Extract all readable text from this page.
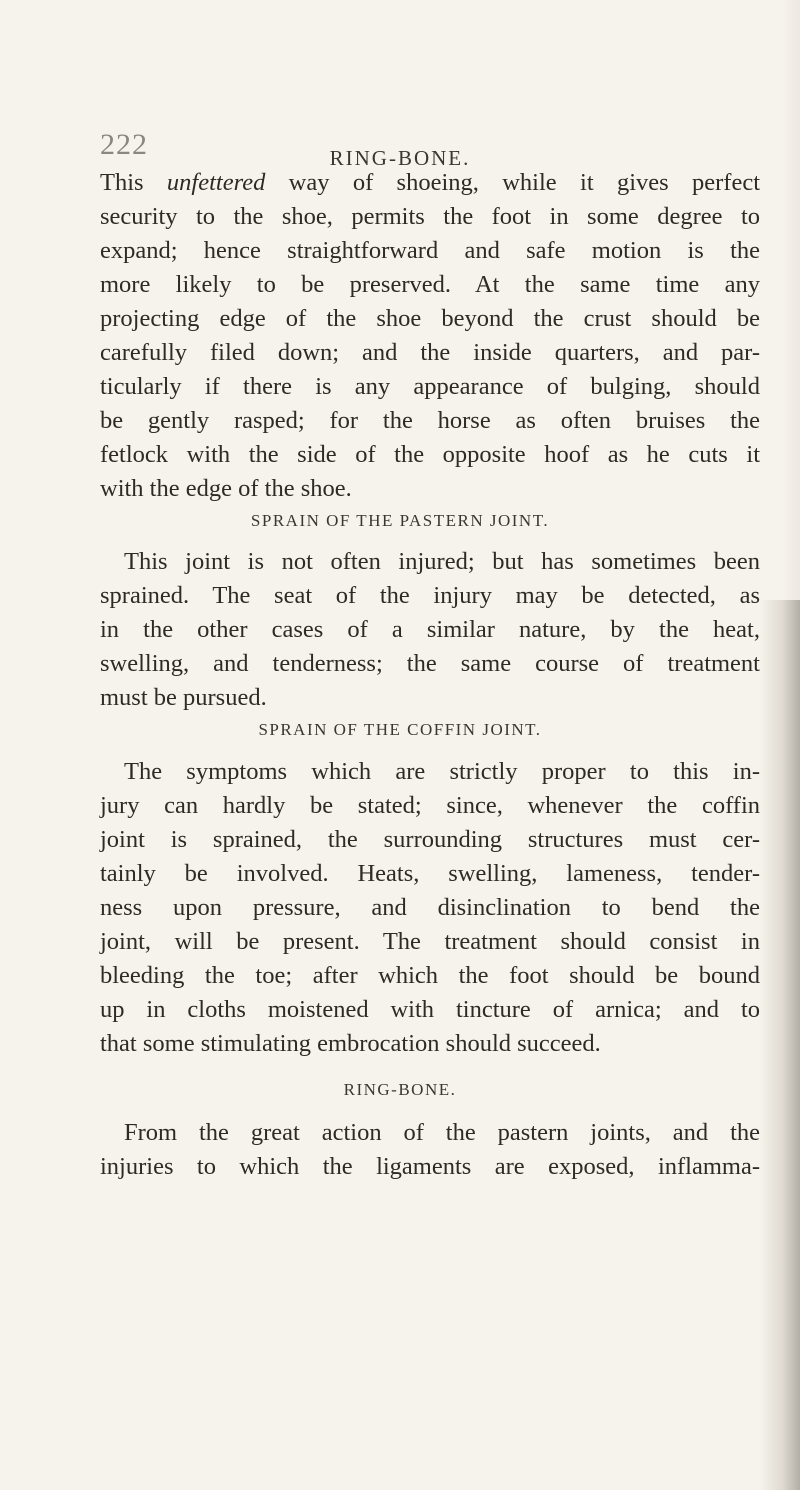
222	RING-BONE.
This unfettered way of shoeing, while it gives perfect
security to the shoe, permits the foot in some degree to
expand; hence straightforward and safe motion is the
more likely to be preserved. At the same time any
projecting edge of the shoe beyond the crust should be
carefully filed down; and the inside quarters, and par-
ticularly if there is any appearance of bulging, should
be gently rasped; for the horse as often bruises the
fetlock with the side of the opposite hoof as he cuts it
with the edge of the shoe.
SPRAIN OF THE PASTERN JOINT.
This joint is not often injured; but has sometimes been
sprained. The seat of the injury may be detected, as
in the other cases of a similar nature, by the heat,
swelling, and tenderness; the same course of treatment
must be pursued.
SPRAIN OF THE COFFIN JOINT.
The symptoms which are strictly proper to this in-
jury can hardly be stated; since, whenever the coffin
joint is sprained, the surrounding structures must cer-
tainly be involved. Heats, swelling, lameness, tender-
ness upon pressure, and disinclination to bend the
joint, will be present. The treatment should consist in
bleeding the toe; after which the foot should be bound
up in cloths moistened with tincture of arnica; and to
that some stimulating embrocation should succeed.
RING-BONE.
From the great action of the pastern joints, and the
injuries to which the ligaments are exposed, inflamma-
